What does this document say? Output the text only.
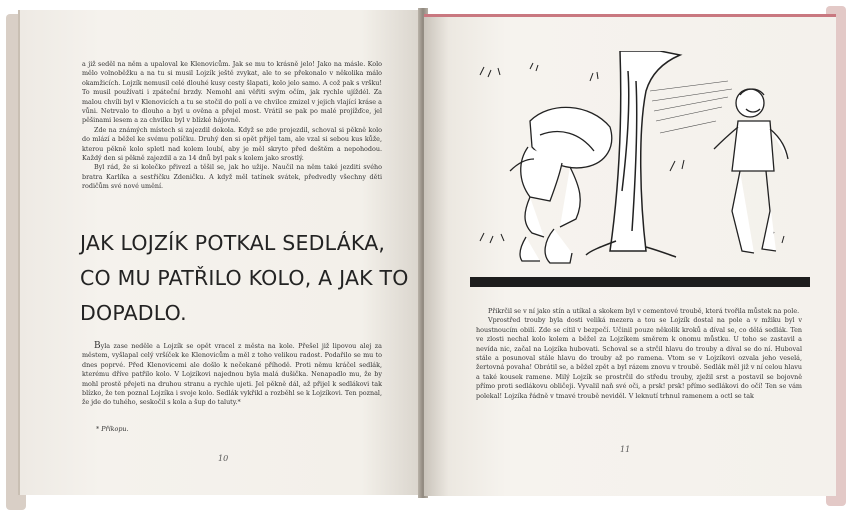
a již seděl na něm a upaloval ke Klenovicům. Jak se mu to krásně jelo! Jako na másle. Kolo mělo volnoběžku a na tu si musil Lojzík ještě zvykat, ale to se překonalo v několika málo okamžicích. Lojzík nemusil celé dlouhé kusy cesty šlapati, kolo jelo samo. A což pak s vršku! To musil používati i zpáteční brzdy. Nemohl ani věřiti svým očím, jak rychle ujíždél. Za malou chvíli byl v Klenovicích a tu se stočil do polí a ve chvilce zmizel v jejich vlající kráse a vůni. Netrvalo to dlouho a byl u ověna a přejel most. Vrátil se pak po malé projížďce, jel pěšinami lesem a za chvilku byl v blízké hájovně.

Zde na známých místech si zajezdil dokola. Když se zde projezdil, schoval si pěkně kolo do mlází a běžel ke svému políčku. Druhý den si opět přijel tam, ale vzal si sebou kus kůže, kterou pěkně kolo spletl nad kolem loubí, aby je měl skryto před deštěm a nepohodou. Každý den si pěkně zajezdil a za 14 dnů byl pak s kolem jako srostlý.

Byl rád, že si kolečko přivezl a těšil se, jak ho užije. Naučil na něm také jezditi svého bratra Karlíka a sestřičku Zdeničku. A když měl tatínek svátek, předvedly všechny děti rodičům své nové umění.

JAK LOJZÍK POTKAL SEDLÁKA, CO MU PATŘILO KOLO, A JAK TO DOPADLO.

Byla zase neděle a Lojzík se opět vracel z města na kole. Přešel již lipovou alej za městem, vyšlapal celý vršíček ke Klenovicům a měl z toho velikou radost. Podařilo se mu to dnes poprvé. Před Klenovicemi ale došlo k nečekané příhodě. Proti němu kráčel sedlák, kterému dříve patřilo kolo. V Lojzíkovi najednou byla malá dušička. Nenapadlo mu, že by mohl prostě přejeti na druhou stranu a rychle ujeti. Jel pěkně dál, až přijel k sedlákovi tak blízko, že ten poznal Lojzíka i svoje kolo. Sedlák vykřikl a rozběhl se k Lojzíkovi. Ten poznal, že jde do tuhého, seskočil s kola a šup do taluty.*

* Příkopu.
10

Přikrčil se v ní jako stín a utíkal a skokem byl v cementové troubě, která tvořila můstek na pole.

Vprostřed trouby byla dosti veliká mezera a tou se Lojzík dostal na pole a v mžiku byl v houstnoucím obilí. Zde se cítil v bezpečí. Učinil pouze několik kroků a díval se, co dělá sedlák. Ten ve zlosti nechal kolo kolem a běžel za Lojzíkem směrem k onomu můstku. U toho se zastavil a nevída nic, začal na Lojzíka hubovati. Schoval se a strčil hlavu do trouby a díval se do ní. Huboval stále a posunoval stále hlavu do trouby až po ramena. Vtom se v Lojzíkovi ozvala jeho veselá, žertovná povaha! Obrátil se, a běžel zpět a byl rázem znovu v troubě. Sedlák měl již v ní celou hlavu a také kousek ramene. Milý Lojzík se prostrčil do středu trouby, zježil srst a postavil se bojovně přímo proti sedlákovu obličeji. Vyvalil naň své oči, a prsk! prsk! přímo sedlákovi do očí! Ten se vám polekal! Lojzíka řádně v tmavé troubě neviděl. V leknutí trhnul ramenem a octl se tak

11
